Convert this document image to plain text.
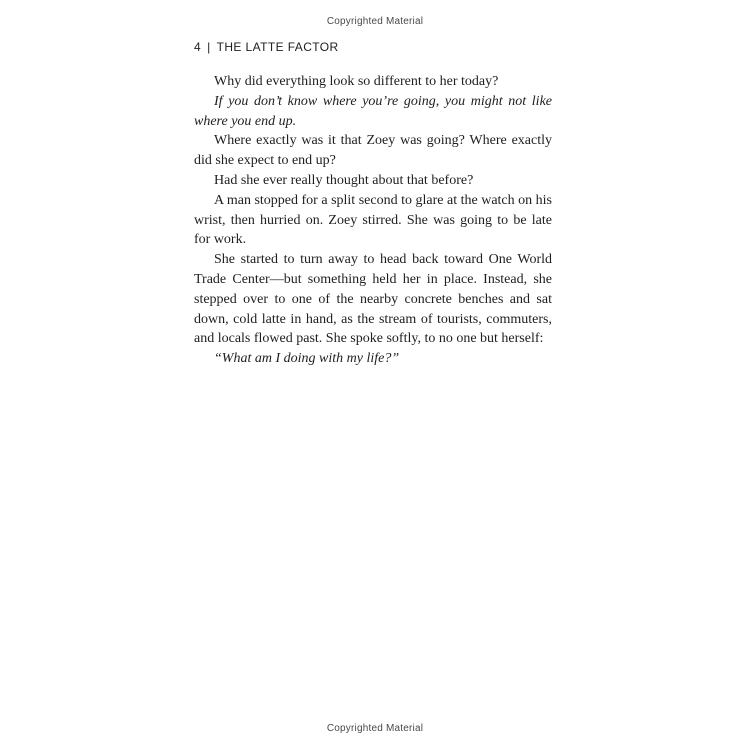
Copyrighted Material
4 | THE LATTE FACTOR

Why did everything look so different to her today?

If you don’t know where you’re going, you might not like where you end up.

Where exactly was it that Zoey was going? Where exactly did she expect to end up?

Had she ever really thought about that before?

A man stopped for a split second to glare at the watch on his wrist, then hurried on. Zoey stirred. She was going to be late for work.

She started to turn away to head back toward One World Trade Center—but something held her in place. Instead, she stepped over to one of the nearby concrete benches and sat down, cold latte in hand, as the stream of tourists, commuters, and locals flowed past. She spoke softly, to no one but herself:

“What am I doing with my life?”

Copyrighted Material
